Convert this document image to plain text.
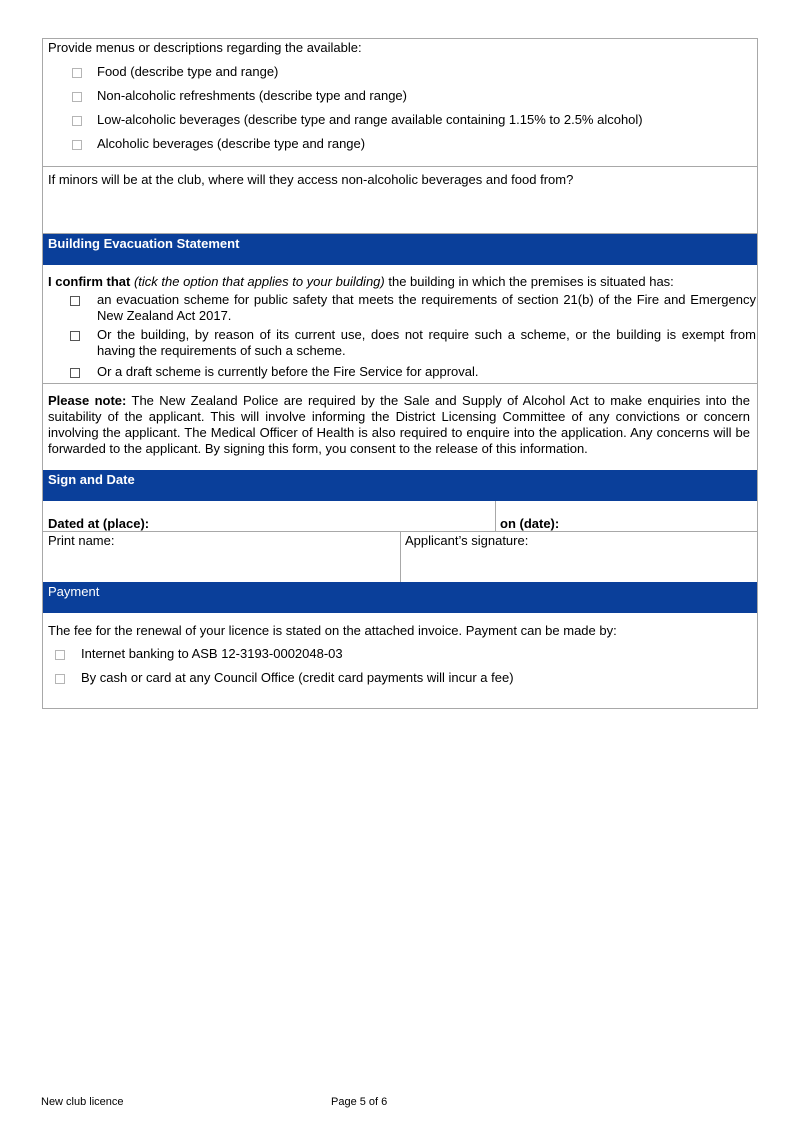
Provide menus or descriptions regarding the available:

Food (describe type and range)
Non-alcoholic refreshments (describe type and range)
Low-alcoholic beverages (describe type and range available containing 1.15% to 2.5% alcohol)
Alcoholic beverages (describe type and range)

If minors will be at the club, where will they access non-alcoholic beverages and food from?

Building Evacuation Statement

I confirm that (tick the option that applies to your building) the building in which the premises is situated has:

an evacuation scheme for public safety that meets the requirements of section 21(b) of the Fire and Emergency New Zealand Act 2017.
Or the building, by reason of its current use, does not require such a scheme, or the building is exempt from having the requirements of such a scheme.
Or a draft scheme is currently before the Fire Service for approval.

Please note: The New Zealand Police are required by the Sale and Supply of Alcohol Act to make enquiries into the suitability of the applicant. This will involve informing the District Licensing Committee of any convictions or concern involving the applicant. The Medical Officer of Health is also required to enquire into the application. Any concerns will be forwarded to the applicant. By signing this form, you consent to the release of this information.

Sign and Date

Dated at (place):	on (date):

Print name:	Applicant’s signature:

Payment

The fee for the renewal of your licence is stated on the attached invoice. Payment can be made by:

Internet banking to ASB 12-3193-0002048-03
By cash or card at any Council Office (credit card payments will incur a fee)
New club licence	Page 5 of 6
